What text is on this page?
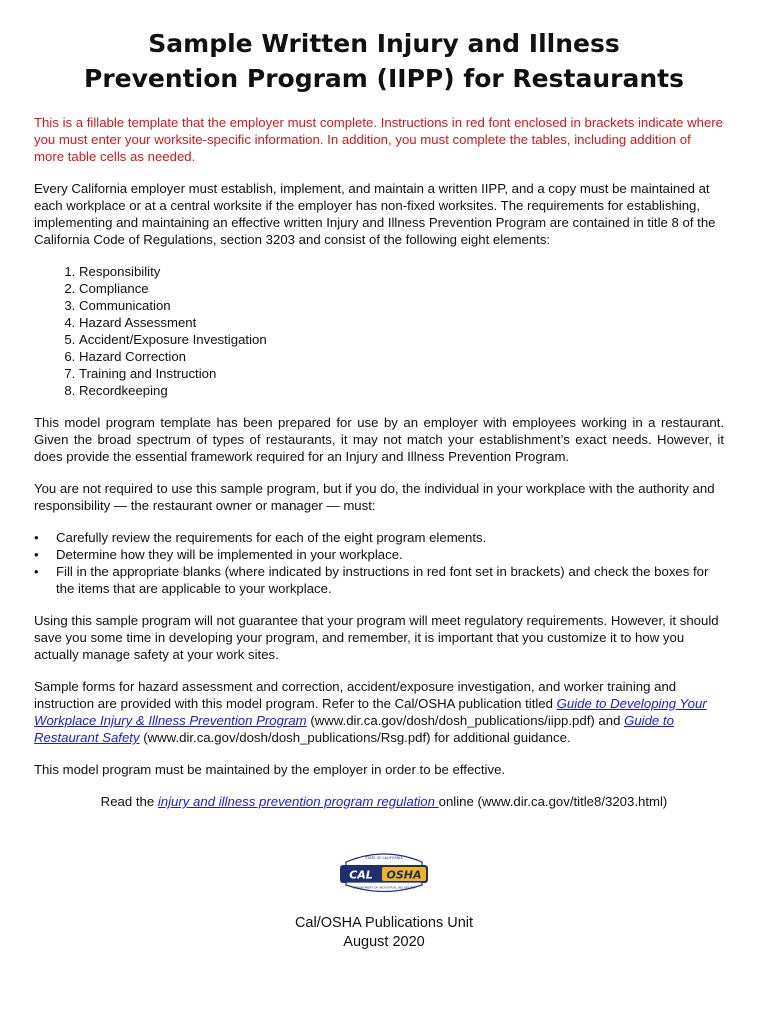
Sample Written Injury and Illness
Prevention Program (IIPP) for Restaurants

This is a fillable template that the employer must complete. Instructions in red font enclosed in brackets indicate where you must enter your worksite-specific information. In addition, you must complete the tables, including addition of more table cells as needed.

Every California employer must establish, implement, and maintain a written IIPP, and a copy must be maintained at each workplace or at a central worksite if the employer has non-fixed worksites. The requirements for establishing, implementing and maintaining an effective written Injury and Illness Prevention Program are contained in title 8 of the California Code of Regulations, section 3203 and consist of the following eight elements:

1. Responsibility
2. Compliance
3. Communication
4. Hazard Assessment
5. Accident/Exposure Investigation
6. Hazard Correction
7. Training and Instruction
8. Recordkeeping

This model program template has been prepared for use by an employer with employees working in a restaurant. Given the broad spectrum of types of restaurants, it may not match your establishment’s exact needs. However, it does provide the essential framework required for an Injury and Illness Prevention Program.

You are not required to use this sample program, but if you do, the individual in your workplace with the authority and responsibility — the restaurant owner or manager — must:

• Carefully review the requirements for each of the eight program elements.
• Determine how they will be implemented in your workplace.
• Fill in the appropriate blanks (where indicated by instructions in red font set in brackets) and check the boxes for the items that are applicable to your workplace.

Using this sample program will not guarantee that your program will meet regulatory requirements. However, it should save you some time in developing your program, and remember, it is important that you customize it to how you actually manage safety at your work sites.

Sample forms for hazard assessment and correction, accident/exposure investigation, and worker training and instruction are provided with this model program. Refer to the Cal/OSHA publication titled Guide to Developing Your Workplace Injury & Illness Prevention Program (www.dir.ca.gov/dosh/dosh_publications/iipp.pdf) and Guide to Restaurant Safety (www.dir.ca.gov/dosh/dosh_publications/Rsg.pdf) for additional guidance.

This model program must be maintained by the employer in order to be effective.

Read the injury and illness prevention program regulation online (www.dir.ca.gov/title8/3203.html)

STATE OF CALIFORNIA
CAL OSHA
DEPARTMENT OF INDUSTRIAL RELATIONS
Cal/OSHA Publications Unit
August 2020
